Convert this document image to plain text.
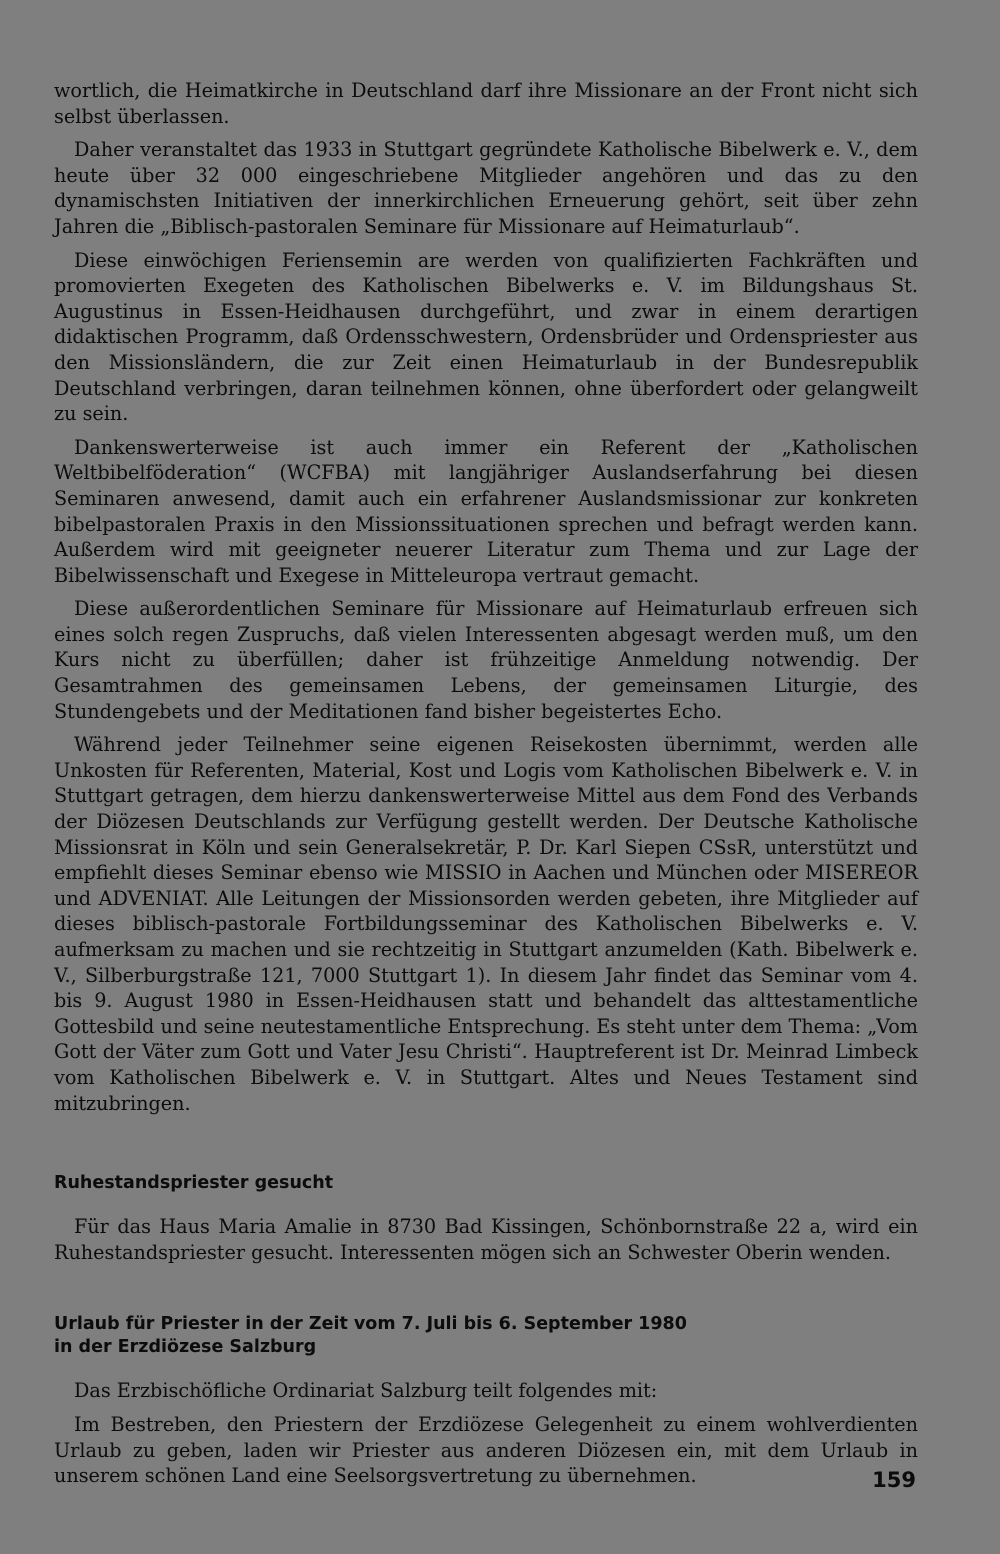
wortlich, die Heimatkirche in Deutschland darf ihre Missionare an der Front nicht sich selbst überlassen.

Daher veranstaltet das 1933 in Stuttgart gegründete Katholische Bibelwerk e. V., dem heute über 32 000 eingeschriebene Mitglieder angehören und das zu den dynamischsten Initiativen der innerkirchlichen Erneuerung gehört, seit über zehn Jahren die „Biblisch-pastoralen Seminare für Missionare auf Heimaturlaub“.

Diese einwöchigen Feriensemin are werden von qualifizierten Fachkräften und promovierten Exegeten des Katholischen Bibelwerks e. V. im Bildungshaus St. Augustinus in Essen-Heidhausen durchgeführt, und zwar in einem derartigen didaktischen Programm, daß Ordensschwestern, Ordensbrüder und Ordenspriester aus den Missionsländern, die zur Zeit einen Heimaturlaub in der Bundesrepublik Deutschland verbringen, daran teilnehmen können, ohne überfordert oder gelangweilt zu sein.

Dankenswerterweise ist auch immer ein Referent der „Katholischen Weltbibelföderation“ (WCFBA) mit langjähriger Auslandserfahrung bei diesen Seminaren anwesend, damit auch ein erfahrener Auslandsmissionar zur konkreten bibelpastoralen Praxis in den Missionssituationen sprechen und befragt werden kann. Außerdem wird mit geeigneter neuerer Literatur zum Thema und zur Lage der Bibelwissenschaft und Exegese in Mitteleuropa vertraut gemacht.

Diese außerordentlichen Seminare für Missionare auf Heimaturlaub erfreuen sich eines solch regen Zuspruchs, daß vielen Interessenten abgesagt werden muß, um den Kurs nicht zu überfüllen; daher ist frühzeitige Anmeldung notwendig. Der Gesamtrahmen des gemeinsamen Lebens, der gemeinsamen Liturgie, des Stundengebets und der Meditationen fand bisher begeistertes Echo.

Während jeder Teilnehmer seine eigenen Reisekosten übernimmt, werden alle Unkosten für Referenten, Material, Kost und Logis vom Katholischen Bibelwerk e. V. in Stuttgart getragen, dem hierzu dankenswerterweise Mittel aus dem Fond des Verbands der Diözesen Deutschlands zur Verfügung gestellt werden. Der Deutsche Katholische Missionsrat in Köln und sein Generalsekretär, P. Dr. Karl Siepen CSsR, unterstützt und empfiehlt dieses Seminar ebenso wie MISSIO in Aachen und München oder MISEREOR und ADVENIAT. Alle Leitungen der Missionsorden werden gebeten, ihre Mitglieder auf dieses biblisch-pastorale Fortbildungsseminar des Katholischen Bibelwerks e. V. aufmerksam zu machen und sie rechtzeitig in Stuttgart anzumelden (Kath. Bibelwerk e. V., Silberburgstraße 121, 7000 Stuttgart 1). In diesem Jahr findet das Seminar vom 4. bis 9. August 1980 in Essen-Heidhausen statt und behandelt das alttestamentliche Gottesbild und seine neutestamentliche Entsprechung. Es steht unter dem Thema: „Vom Gott der Väter zum Gott und Vater Jesu Christi“. Hauptreferent ist Dr. Meinrad Limbeck vom Katholischen Bibelwerk e. V. in Stuttgart. Altes und Neues Testament sind mitzubringen.

Ruhestandspriester gesucht

Für das Haus Maria Amalie in 8730 Bad Kissingen, Schönbornstraße 22 a, wird ein Ruhestandspriester gesucht. Interessenten mögen sich an Schwester Oberin wenden.

Urlaub für Priester in der Zeit vom 7. Juli bis 6. September 1980
in der Erzdiözese Salzburg

Das Erzbischöfliche Ordinariat Salzburg teilt folgendes mit:

Im Bestreben, den Priestern der Erzdiözese Gelegenheit zu einem wohlverdienten Urlaub zu geben, laden wir Priester aus anderen Diözesen ein, mit dem Urlaub in unserem schönen Land eine Seelsorgsvertretung zu übernehmen.	159
